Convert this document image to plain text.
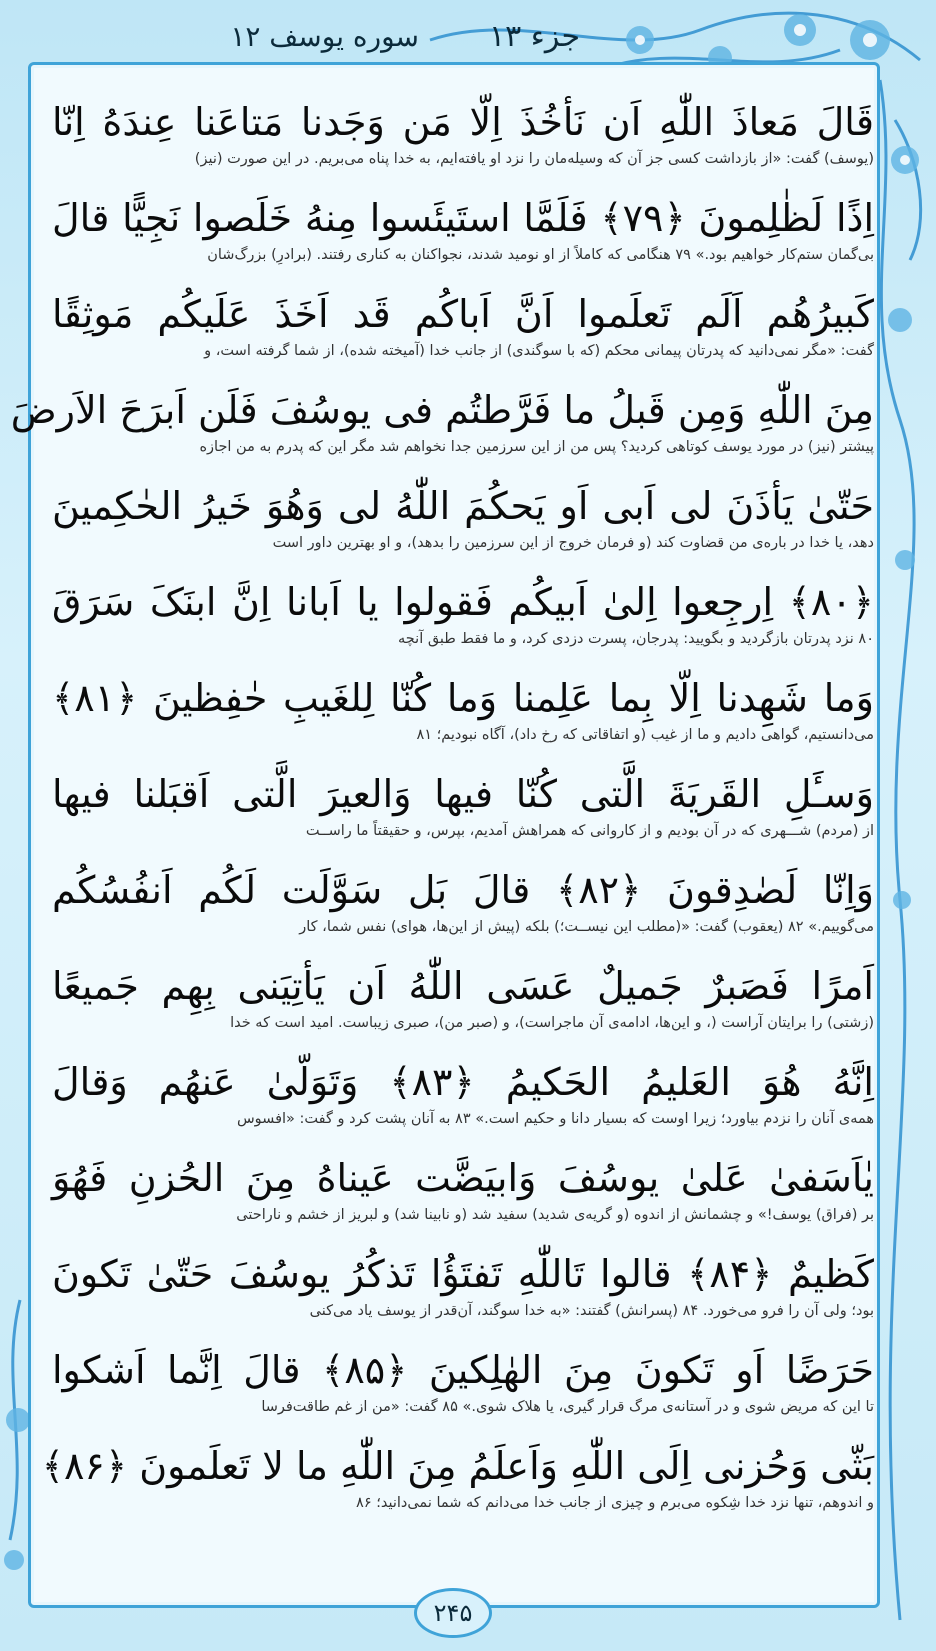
جزء ۱۳
سوره یوسف ۱۲
قَالَ مَعاذَ اللّٰهِ اَن نَأخُذَ اِلّا مَن وَجَدنا مَتاعَنا عِندَهُ اِنّا
(یوسف) گفت: «از بازداشت کسی جز آن که وسیله‌مان را نزد او یافته‌ایم، به خدا پناه می‌بریم. در این صورت (نیز)
اِذًا لَظٰلِمونَ ﴿۷۹﴾ فَلَمَّا استَیئَسوا مِنهُ خَلَصوا نَجِیًّا قالَ
بی‌گمان ستم‌کار خواهیم بود.» ۷۹ هنگامی که کاملاً از او نومید شدند، نجواکنان به کناری رفتند. (برادرِ) بزرگ‌شان
کَبیرُهُم اَلَم تَعلَموا اَنَّ اَباکُم قَد اَخَذَ عَلَیکُم مَوثِقًا
گفت: «مگر نمی‌دانید که پدرتان پیمانی محکم (که با سوگندی) از جانب خدا (آمیخته شده)، از شما گرفته است، و
مِنَ اللّٰهِ وَمِن قَبلُ ما فَرَّطتُم فی یوسُفَ فَلَن اَبرَحَ الاَرضَ
پیشتر (نیز) در مورد یوسف کوتاهی کردید؟ پس من از این سرزمین جدا نخواهم شد مگر این که پدرم به من اجازه
حَتّیٰ یَأذَنَ لی اَبی اَو یَحکُمَ اللّٰهُ لی وَهُوَ خَیرُ الحٰکِمینَ
دهد، یا خدا در باره‌ی من قضاوت کند (و فرمان خروج از این سرزمین را بدهد)، و او بهترین داور است
﴿۸۰﴾ اِرجِعوا اِلیٰ اَبیکُم فَقولوا یا اَبانا اِنَّ ابنَکَ سَرَقَ
۸۰ نزد پدرتان بازگردید و بگویید: پدرجان، پسرت دزدی کرد، و ما فقط طبق آنچه
وَما شَهِدنا اِلّا بِما عَلِمنا وَما کُنّا لِلغَیبِ حٰفِظینَ ﴿۸۱﴾
می‌دانستیم، گواهی دادیم و ما از غیب (و اتفاقاتی که رخ داد)، آگاه نبودیم؛ ۸۱
وَسـَٔلِ القَریَةَ الَّتی کُنّا فیها وَالعیرَ الَّتی اَقبَلنا فیها
از (مردم) شـــهری که در آن بودیم و از کاروانی که همراهش آمدیم، بپرس، و حقیقتاً ما راســت
وَاِنّا لَصٰدِقونَ ﴿۸۲﴾ قالَ بَل سَوَّلَت لَکُم اَنفُسُکُم
می‌گوییم.» ۸۲ (یعقوب) گفت: «(مطلب این نیســت؛) بلکه (پیش از این‌ها، هوای) نفس شما، کار
اَمرًا فَصَبرٌ جَمیلٌ عَسَی اللّٰهُ اَن یَأتِیَنی بِهِم جَمیعًا
(زشتی) را برایتان آراست (، و این‌ها، ادامه‌ی آن ماجراست)، و (صبر من)، صبری زیباست. امید است که خدا
اِنَّهُ هُوَ العَلیمُ الحَکیمُ ﴿۸۳﴾ وَتَوَلّیٰ عَنهُم وَقالَ
همه‌ی آنان را نزدم بیاورد؛ زیرا اوست که بسیار دانا و حکیم است.» ۸۳ به آنان پشت کرد و گفت: «افسوس
یٰاَسَفیٰ عَلیٰ یوسُفَ وَابیَضَّت عَیناهُ مِنَ الحُزنِ فَهُوَ
بر (فراق) یوسف!» و چشمانش از اندوه (و گریه‌ی شدید) سفید شد (و نابینا شد) و لبریز از خشم و ناراحتی
کَظیمٌ ﴿۸۴﴾ قالوا تَاللّٰهِ تَفتَؤُا تَذکُرُ یوسُفَ حَتّیٰ تَکونَ
بود؛ ولی آن را فرو می‌خورد. ۸۴ (پسرانش) گفتند: «به خدا سوگند، آن‌قدر از یوسف یاد می‌کنی
حَرَضًا اَو تَکونَ مِنَ الهٰلِکینَ ﴿۸۵﴾ قالَ اِنَّما اَشکوا
تا این که مریض شوی و در آستانه‌ی مرگ قرار گیری، یا هلاک شوی.» ۸۵ گفت: «من از غم طاقت‌فرسا
بَثّی وَحُزنی اِلَی اللّٰهِ وَاَعلَمُ مِنَ اللّٰهِ ما لا تَعلَمونَ ﴿۸۶﴾
و اندوهم، تنها نزد خدا شِکوه می‌برم و چیزی از جانب خدا می‌دانم که شما نمی‌دانید؛ ۸۶
۲۴۵
